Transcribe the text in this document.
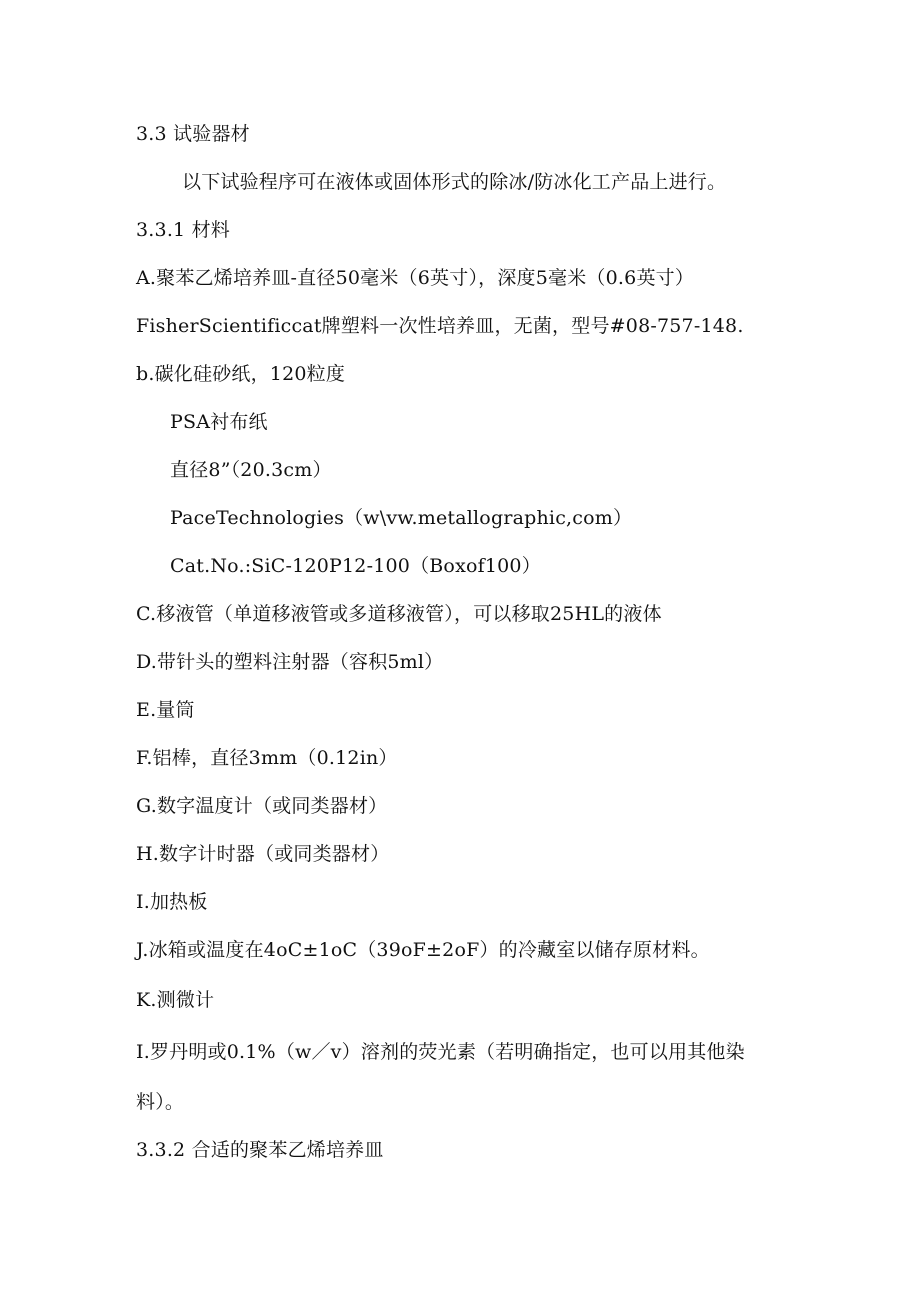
3.3 试验器材
以下试验程序可在液体或固体形式的除冰/防冰化工产品上进行。
3.3.1 材料
A.聚苯乙烯培养皿-直径50毫米（6英寸），深度5毫米（0.6英寸）
FisherScientificcat牌塑料一次性培养皿，无菌，型号#08-757-148.
b.碳化硅砂纸，120粒度
PSA衬布纸
直径8”（20.3cm）
PaceTechnologies（w\vw.metallographic,com）
Cat.No.:SiC-120P12-100（Boxof100）
C.移液管（单道移液管或多道移液管），可以移取25HL的液体
D.带针头的塑料注射器（容积5ml）
E.量筒
F.铝棒，直径3mm（0.12in）
G.数字温度计（或同类器材）
H.数字计时器（或同类器材）
I.加热板
J.冰箱或温度在4oC±1oC（39oF±2oF）的冷藏室以储存原材料。
K.测微计
I.罗丹明或0.1%（w／v）溶剂的荧光素（若明确指定，也可以用其他染
料）。
3.3.2 合适的聚苯乙烯培养皿
